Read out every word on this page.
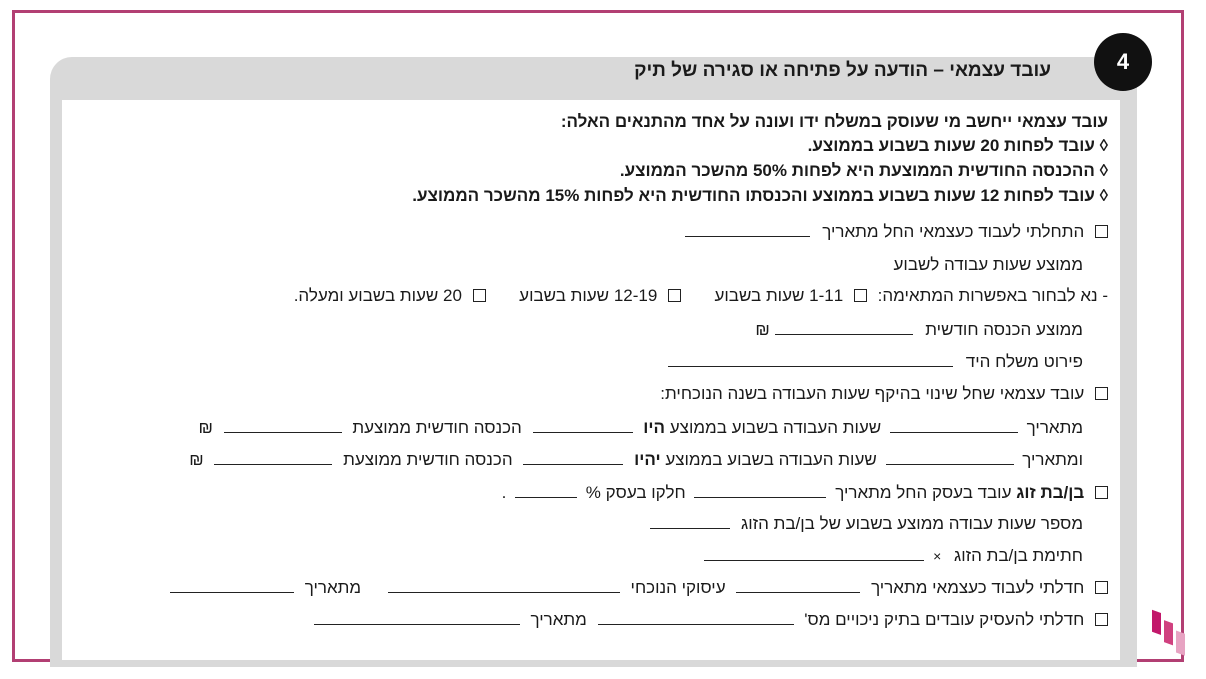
4
עובד עצמאי – הודעה על פתיחה או סגירה של תיק
עובד עצמאי ייחשב מי שעוסק במשלח ידו ועונה על אחד מהתנאים האלה:
◊ עובד לפחות 20 שעות בשבוע בממוצע.
◊ ההכנסה החודשית הממוצעת היא לפחות 50% מהשכר הממוצע.
◊ עובד לפחות 12 שעות בשבוע בממוצע והכנסתו החודשית היא לפחות 15% מהשכר הממוצע.
התחלתי לעבוד כעצמאי החל מתאריך
ממוצע שעות עבודה לשבוע
- נא לבחור באפשרות המתאימה:  1-11 שעות בשבוע   12-19 שעות בשבוע   20 שעות בשבוע ומעלה.
ממוצע הכנסה חודשית  ₪
פירוט משלח היד
עובד עצמאי שחל שינוי בהיקף שעות העבודה בשנה הנוכחית:
מתאריך  שעות העבודה בשבוע בממוצע היו  הכנסה חודשית ממוצעת  ₪
ומתאריך  שעות העבודה בשבוע בממוצע יהיו  הכנסה חודשית ממוצעת  ₪
בן/בת זוג עובד בעסק החל מתאריך  חלקו בעסק %  .
מספר שעות עבודה ממוצע בשבוע של בן/בת הזוג
חתימת בן/בת הזוג ×
חדלתי לעבוד כעצמאי מתאריך  עיסוקי הנוכחי  מתאריך
חדלתי להעסיק עובדים בתיק ניכויים מס'  מתאריך
